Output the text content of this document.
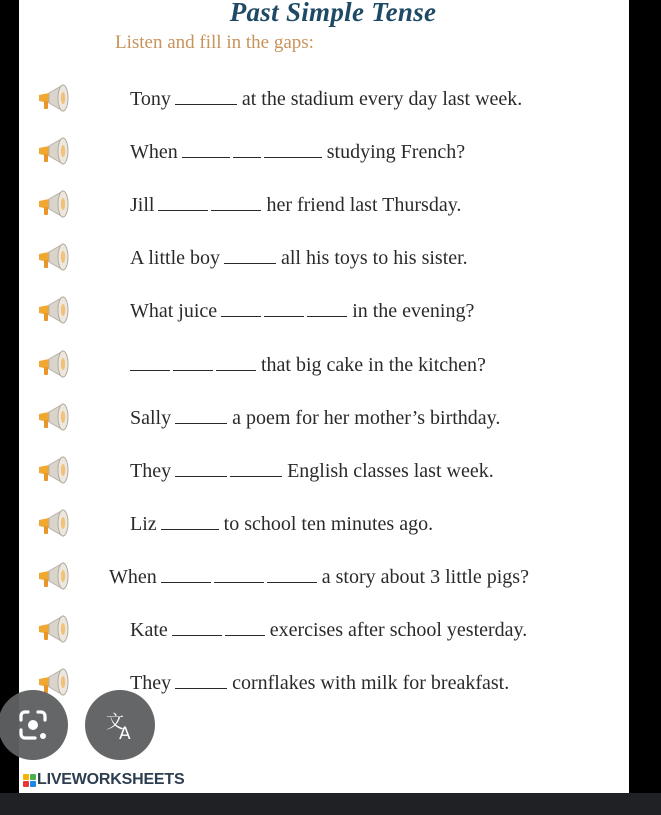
Past Simple Tense
Listen and fill in the gaps:
Tony	at the stadium every day last week.
When	studying French?
Jill	her friend last Thursday.
A little boy	all his toys to his sister.
What juice	in the evening?
that big cake in the kitchen?
Sally	a poem for her mother’s birthday.
They	English classes last week.
Liz	to school ten minutes ago.
When	a story about 3 little pigs?
Kate	exercises after school yesterday.
They	cornflakes with milk for breakfast.
LIVEWORKSHEETS
文
A
